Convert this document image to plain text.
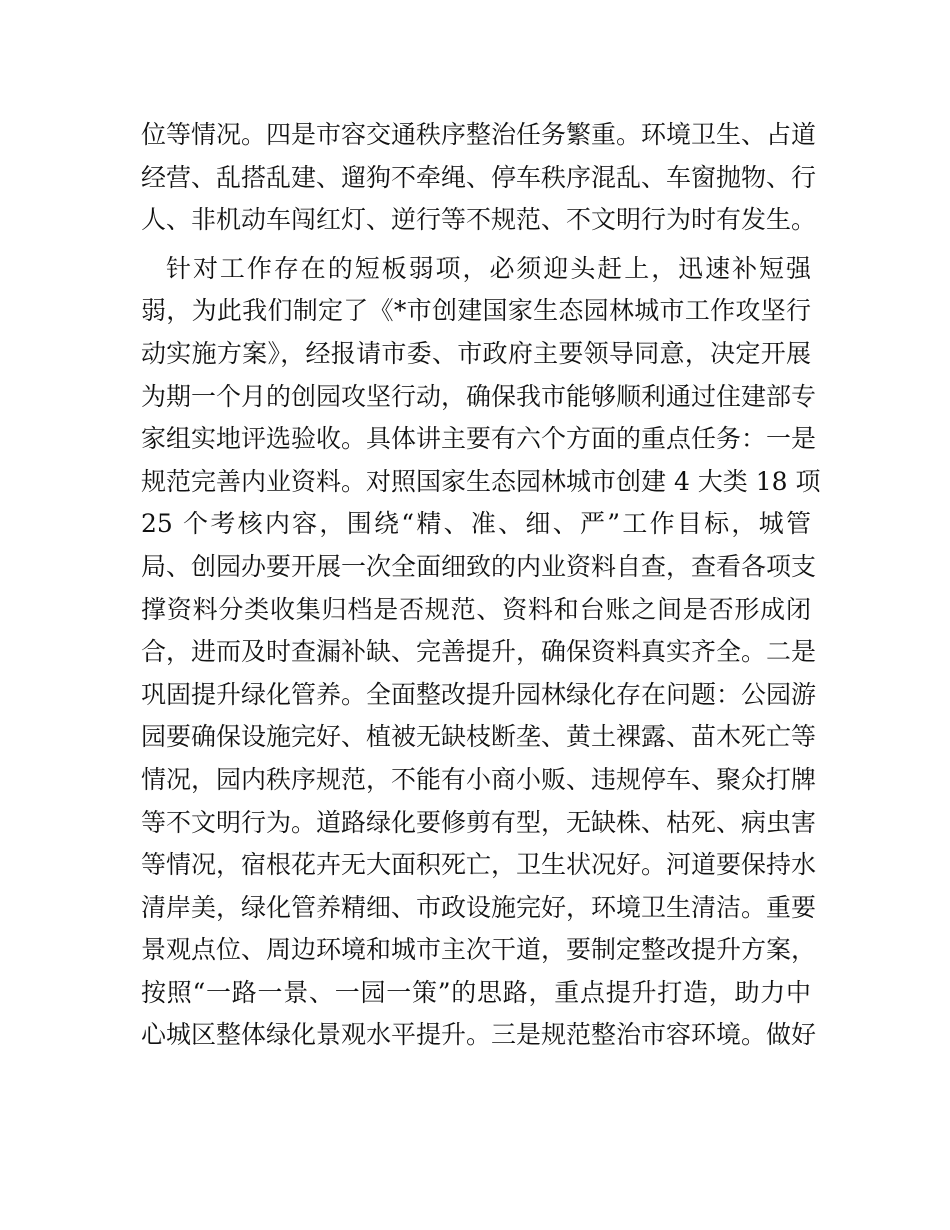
位等情况。四是市容交通秩序整治任务繁重。环境卫生、占道
经营、乱搭乱建、遛狗不牵绳、停车秩序混乱、车窗抛物、行
人、非机动车闯红灯、逆行等不规范、不文明行为时有发生。

针对工作存在的短板弱项，必须迎头赶上，迅速补短强
弱，为此我们制定了《*市创建国家生态园林城市工作攻坚行
动实施方案》，经报请市委、市政府主要领导同意，决定开展
为期一个月的创园攻坚行动，确保我市能够顺利通过住建部专
家组实地评选验收。具体讲主要有六个方面的重点任务：一是
规范完善内业资料。对照国家生态园林城市创建 4 大类 18 项
25 个考核内容，围绕“精、准、细、严”工作目标，城管
局、创园办要开展一次全面细致的内业资料自查，查看各项支
撑资料分类收集归档是否规范、资料和台账之间是否形成闭
合，进而及时查漏补缺、完善提升，确保资料真实齐全。二是
巩固提升绿化管养。全面整改提升园林绿化存在问题：公园游
园要确保设施完好、植被无缺枝断垄、黄土裸露、苗木死亡等
情况，园内秩序规范，不能有小商小贩、违规停车、聚众打牌
等不文明行为。道路绿化要修剪有型，无缺株、枯死、病虫害
等情况，宿根花卉无大面积死亡，卫生状况好。河道要保持水
清岸美，绿化管养精细、市政设施完好，环境卫生清洁。重要
景观点位、周边环境和城市主次干道，要制定整改提升方案，
按照“一路一景、一园一策”的思路，重点提升打造，助力中
心城区整体绿化景观水平提升。三是规范整治市容环境。做好
